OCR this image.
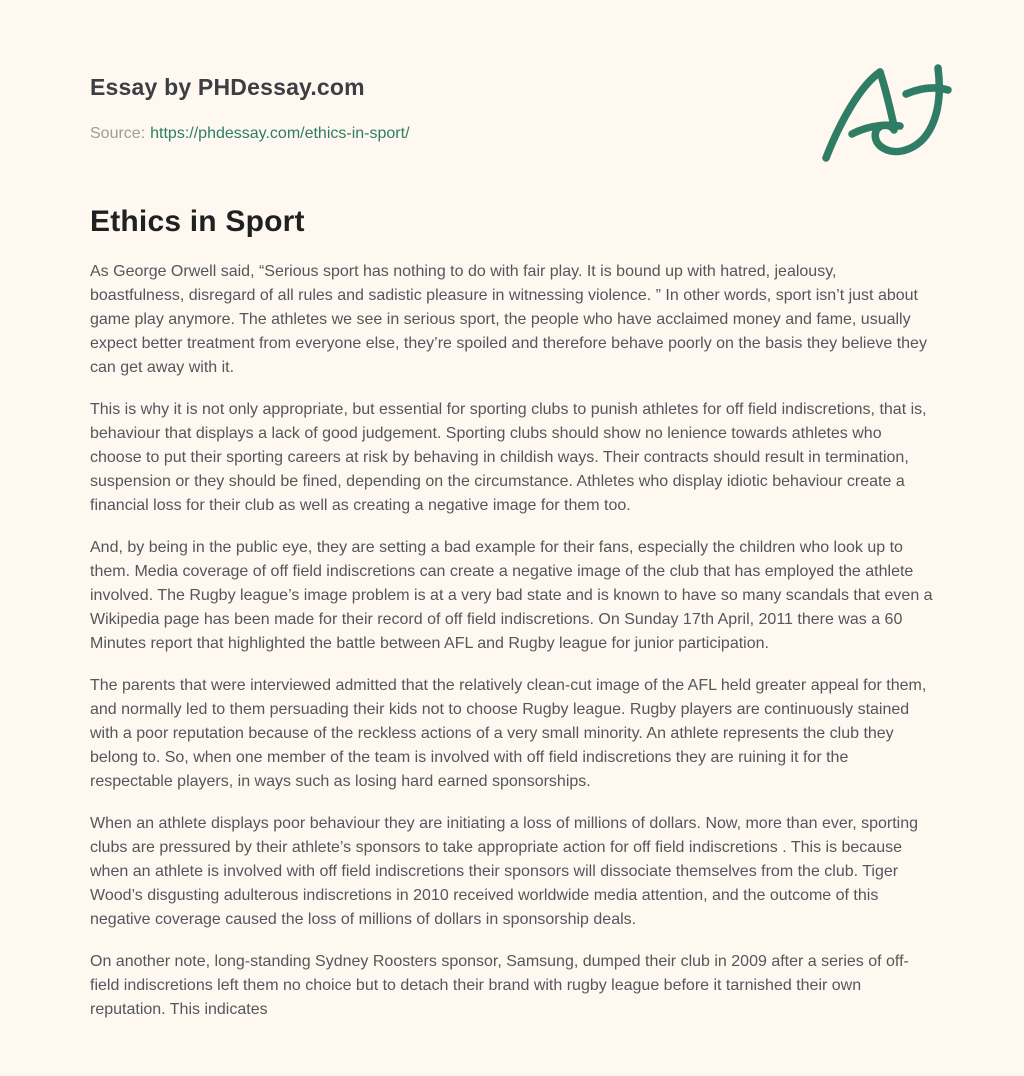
Essay by PHDessay.com
Source: https://phdessay.com/ethics-in-sport/
Ethics in Sport

As George Orwell said, “Serious sport has nothing to do with fair play. It is bound up with hatred, jealousy, boastfulness, disregard of all rules and sadistic pleasure in witnessing violence. ” In other words, sport isn’t just about game play anymore. The athletes we see in serious sport, the people who have acclaimed money and fame, usually expect better treatment from everyone else, they’re spoiled and therefore behave poorly on the basis they believe they can get away with it.

This is why it is not only appropriate, but essential for sporting clubs to punish athletes for off field indiscretions, that is, behaviour that displays a lack of good judgement. Sporting clubs should show no lenience towards athletes who choose to put their sporting careers at risk by behaving in childish ways. Their contracts should result in termination, suspension or they should be fined, depending on the circumstance. Athletes who display idiotic behaviour create a financial loss for their club as well as creating a negative image for them too.

And, by being in the public eye, they are setting a bad example for their fans, especially the children who look up to them. Media coverage of off field indiscretions can create a negative image of the club that has employed the athlete involved. The Rugby league’s image problem is at a very bad state and is known to have so many scandals that even a Wikipedia page has been made for their record of off field indiscretions. On Sunday 17th April, 2011 there was a 60 Minutes report that highlighted the battle between AFL and Rugby league for junior participation.

The parents that were interviewed admitted that the relatively clean-cut image of the AFL held greater appeal for them, and normally led to them persuading their kids not to choose Rugby league. Rugby players are continuously stained with a poor reputation because of the reckless actions of a very small minority. An athlete represents the club they belong to. So, when one member of the team is involved with off field indiscretions they are ruining it for the respectable players, in ways such as losing hard earned sponsorships.

When an athlete displays poor behaviour they are initiating a loss of millions of dollars. Now, more than ever, sporting clubs are pressured by their athlete’s sponsors to take appropriate action for off field indiscretions . This is because when an athlete is involved with off field indiscretions their sponsors will dissociate themselves from the club. Tiger Wood’s disgusting adulterous indiscretions in 2010 received worldwide media attention, and the outcome of this negative coverage caused the loss of millions of dollars in sponsorship deals.

On another note, long-standing Sydney Roosters sponsor, Samsung, dumped their club in 2009 after a series of off-field indiscretions left them no choice but to detach their brand with rugby league before it tarnished their own reputation. This indicates
